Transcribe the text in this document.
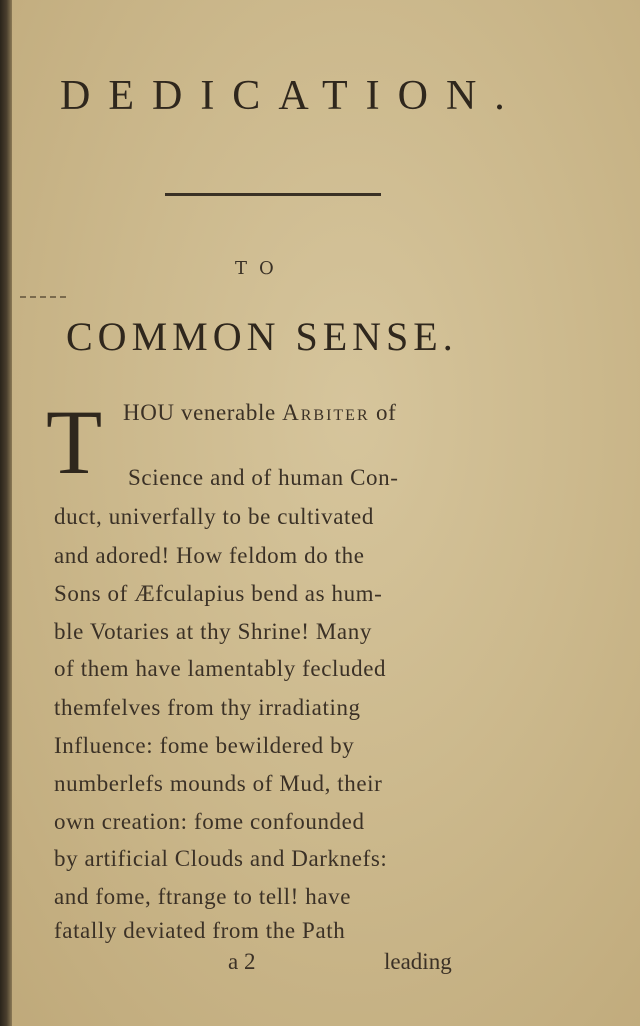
DEDICATION.
TO
COMMON SENSE.
T HOU venerable Arbiter of
Science and of human Con-
duct, univerfally to be cultivated
and adored! How feldom do the
Sons of Æfculapius bend as hum-
ble Votaries at thy Shrine! Many
of them have lamentably fecluded
themfelves from thy irradiating
Influence: fome bewildered by
numberlefs mounds of Mud, their
own creation: fome confounded
by artificial Clouds and Darknefs:
and fome, ftrange to tell! have
fatally deviated from the Path
a 2	leading
